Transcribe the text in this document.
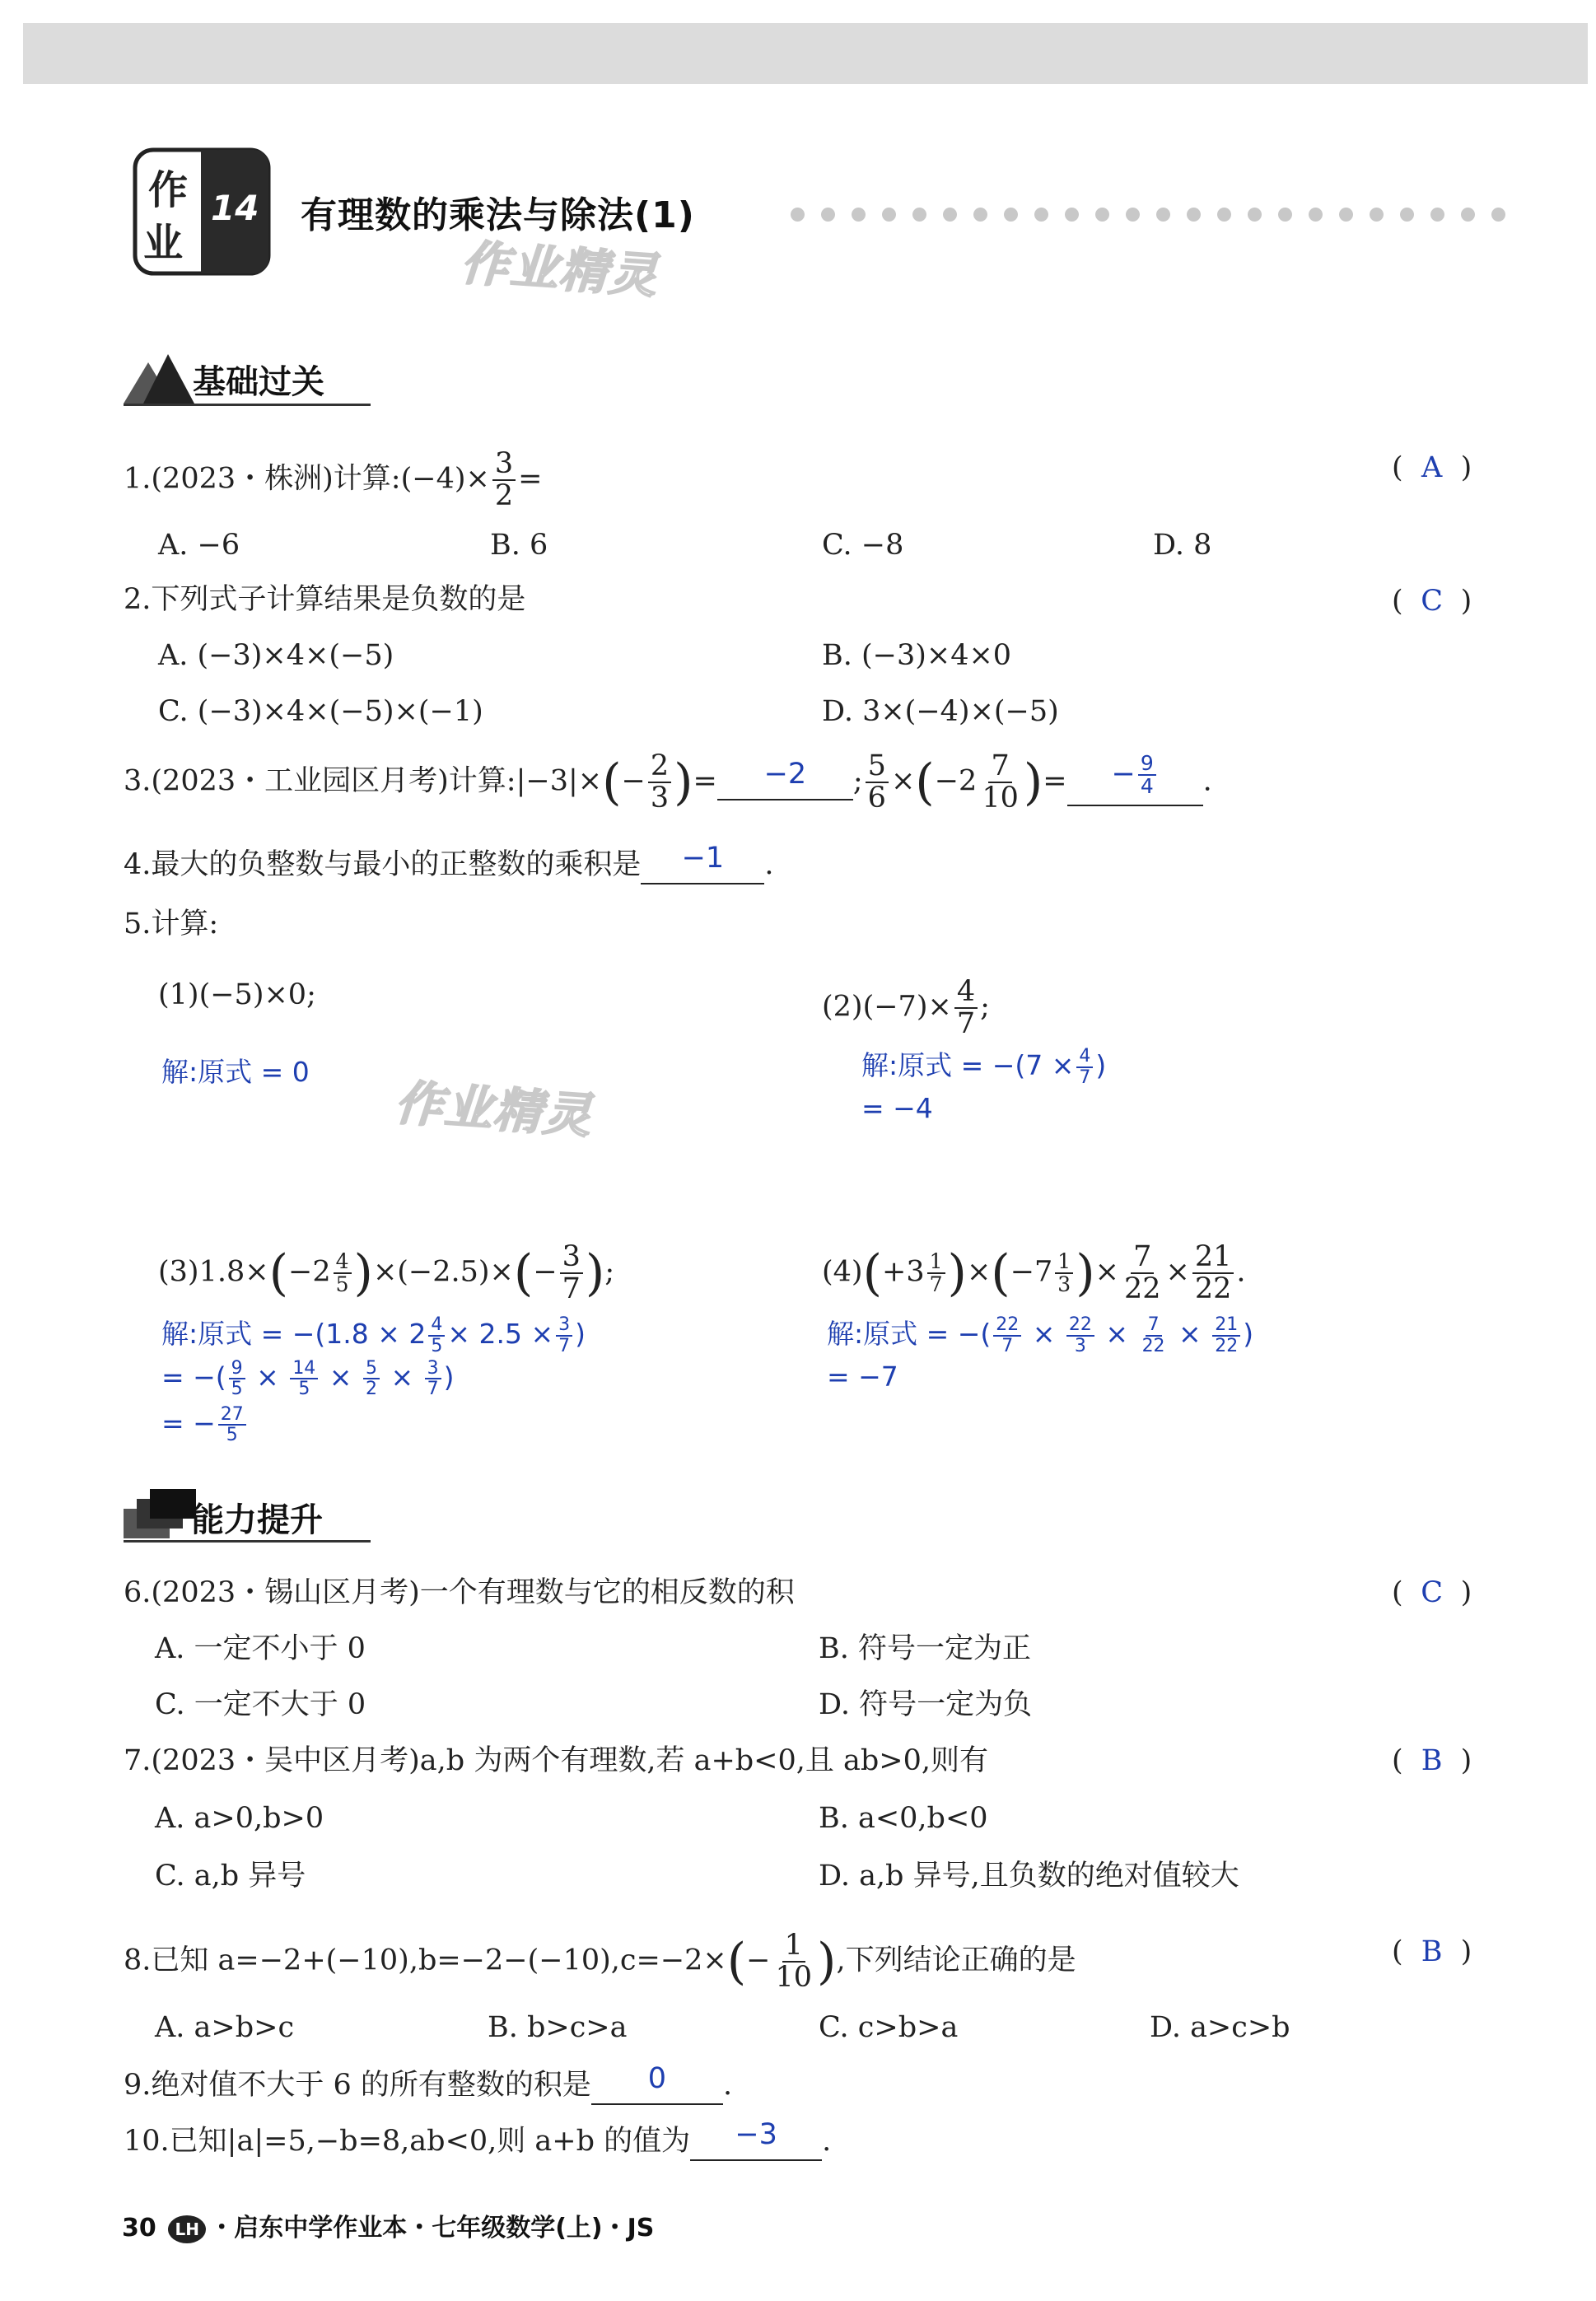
作
业
14 有理数的乘法与除法(1)
作业精灵
作业精灵
基础过关
1.(2023・株洲)计算:(−4)× $\frac{3}{2}$ =	( A )
A. −6	B. 6	C. −8	D. 8
2.下列式子计算结果是负数的是	( C )
A. (−3)×4×(−5)	B. (−3)×4×0
C. (−3)×4×(−5)×(−1)	D. 3×(−4)×(−5)
3.(2023・工业园区月考)计算:|−3|×(− $\frac{2}{3}$ )= −2 ; $\frac{5}{6} \times(-2 \frac{7}{10}$ )= − $\frac{9}{4}$ .
4.最大的负整数与最小的正整数的乘积是 −1 .
5.计算:
(1)(−5)×0;
解:原式 = 0
$(2)(-7)\times \frac{4}{7}$ ;
解:原式 = $-(7 \times \frac{4}{7}$ )
= −4
$(3)1.8\times(-2 \frac{4}{5} )\times(-2.5)\times(- \frac{3}{7}$ );
解:原式 = $-(1.8 \times 2 \frac{4}{5} \times 2.5 \times \frac{3}{7}$ )
= −( $\frac{9}{5} \times \frac{14}{5} \times \frac{5}{2} \times \frac{3}{7}$ )
= − $\frac{27}{5}$
$(4)(+3 \frac{1}{7} )\times(-7 \frac{1}{3}$ )× $\frac{7}{22} \times \frac{21}{22}$ .
解:原式 = −( $\frac{22}{7} \times \frac{22}{3} \times \frac{7}{22} \times \frac{21}{22}$ )
= −7
能力提升
6.(2023・锡山区月考)一个有理数与它的相反数的积	( C )
A. 一定不小于 0	B. 符号一定为正
C. 一定不大于 0	D. 符号一定为负
7.(2023・吴中区月考)a,b 为两个有理数,若 a+b<0,且 ab>0,则有	( B )
A. a>0,b>0	B. a<0,b<0
C. a,b 异号	D. a,b 异号,且负数的绝对值较大
8.已知 $a=-2+(-10),b=-2-(-10),c=-2\times(- \frac{1}{10}$ ),下列结论正确的是	( B )
A. a>b>c	B. b>c>a	C. c>b>a	D. a>c>b
9.绝对值不大于 6 的所有整数的积是 0 .
10.已知|a|=5,−b=8,ab<0,则 a+b 的值为 −3 .
30 LH ・启东中学作业本・七年级数学(上)・JS
